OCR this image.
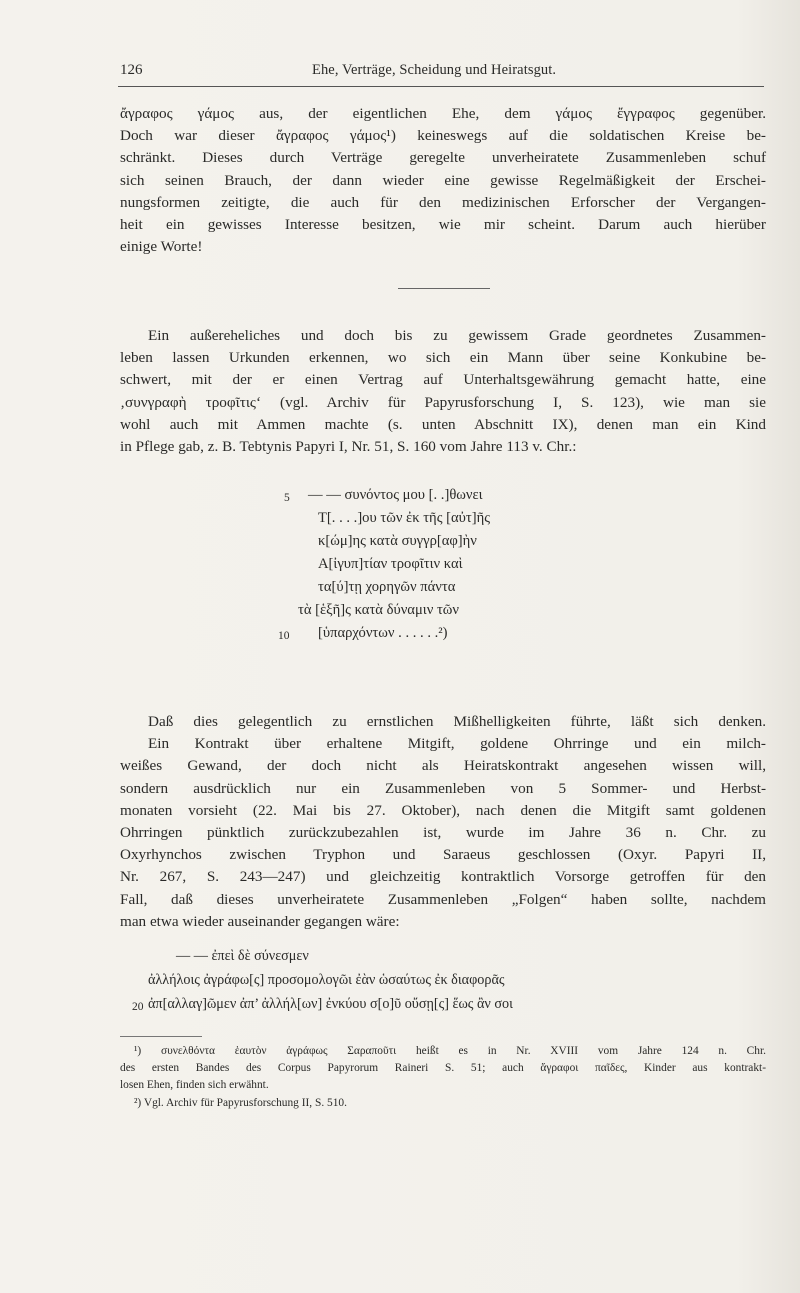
126	Ehe, Verträge, Scheidung und Heiratsgut.
ἄγραφος γάμος aus, der eigentlichen Ehe, dem γάμος ἔγγραφος gegenüber.
Doch war dieser ἄγραφος γάμος¹) keineswegs auf die soldatischen Kreise be-
schränkt. Dieses durch Verträge geregelte unverheiratete Zusammenleben schuf
sich seinen Brauch, der dann wieder eine gewisse Regelmäßigkeit der Erschei-
nungsformen zeitigte, die auch für den medizinischen Erforscher der Vergangen-
heit ein gewisses Interesse besitzen, wie mir scheint. Darum auch hierüber
einige Worte!
Ein außereheliches und doch bis zu gewissem Grade geordnetes Zusammen-
leben lassen Urkunden erkennen, wo sich ein Mann über seine Konkubine be-
schwert, mit der er einen Vertrag auf Unterhaltsgewährung gemacht hatte, eine
‚συνγραφὴ τροφῖτις‘ (vgl. Archiv für Papyrusforschung I, S. 123), wie man sie
wohl auch mit Ammen machte (s. unten Abschnitt IX), denen man ein Kind
in Pflege gab, z. B. Tebtynis Papyri I, Nr. 51, S. 160 vom Jahre 113 v. Chr.:
5
10
— — συνόντος μου [. .]θωνει
Τ[. . . .]ου τῶν ἐκ τῆς [αὐτ]ῆς
κ[ώμ]ης κατὰ συγγρ[αφ]ὴν
Α[ἰγυπ]τίαν τροφῖτιν καὶ
τα[ύ]τῃ χορηγῶν πάντα
τὰ [ἑξῆ]ς κατὰ δύναμιν τῶν
[ὑπαρχόντων . . . . . .²)
Daß dies gelegentlich zu ernstlichen Mißhelligkeiten führte, läßt sich denken.
Ein Kontrakt über erhaltene Mitgift, goldene Ohrringe und ein milch-
weißes Gewand, der doch nicht als Heiratskontrakt angesehen wissen will,
sondern ausdrücklich nur ein Zusammenleben von 5 Sommer- und Herbst-
monaten vorsieht (22. Mai bis 27. Oktober), nach denen die Mitgift samt goldenen
Ohrringen pünktlich zurückzubezahlen ist, wurde im Jahre 36 n. Chr. zu
Oxyrhynchos zwischen Tryphon und Saraeus geschlossen (Oxyr. Papyri II,
Nr. 267, S. 243—247) und gleichzeitig kontraktlich Vorsorge getroffen für den
Fall, daß dieses unverheiratete Zusammenleben „Folgen“ haben sollte, nachdem
man etwa wieder auseinander gegangen wäre:
20
— — ἐπεὶ δὲ σύνεσμεν
ἀλλήλοις ἀγράφω[ς] προσομολογῶι ἐὰν ὡσαύτως ἐκ διαφορᾶς
ἀπ[αλλαγ]ῶμεν ἀπ’ ἀλλήλ[ων] ἐνκύου σ[ο]ῦ οὔσῃ[ς] ἕως ἂν σοι
¹) συνελθόντα ἑαυτὸν ἀγράφως Σαραποῦτι heißt es in Nr. XVIII vom Jahre 124 n. Chr.
des ersten Bandes des Corpus Papyrorum Raineri S. 51; auch ἄγραφοι παῖδες, Kinder aus kontrakt-
losen Ehen, finden sich erwähnt.
²) Vgl. Archiv für Papyrusforschung II, S. 510.
